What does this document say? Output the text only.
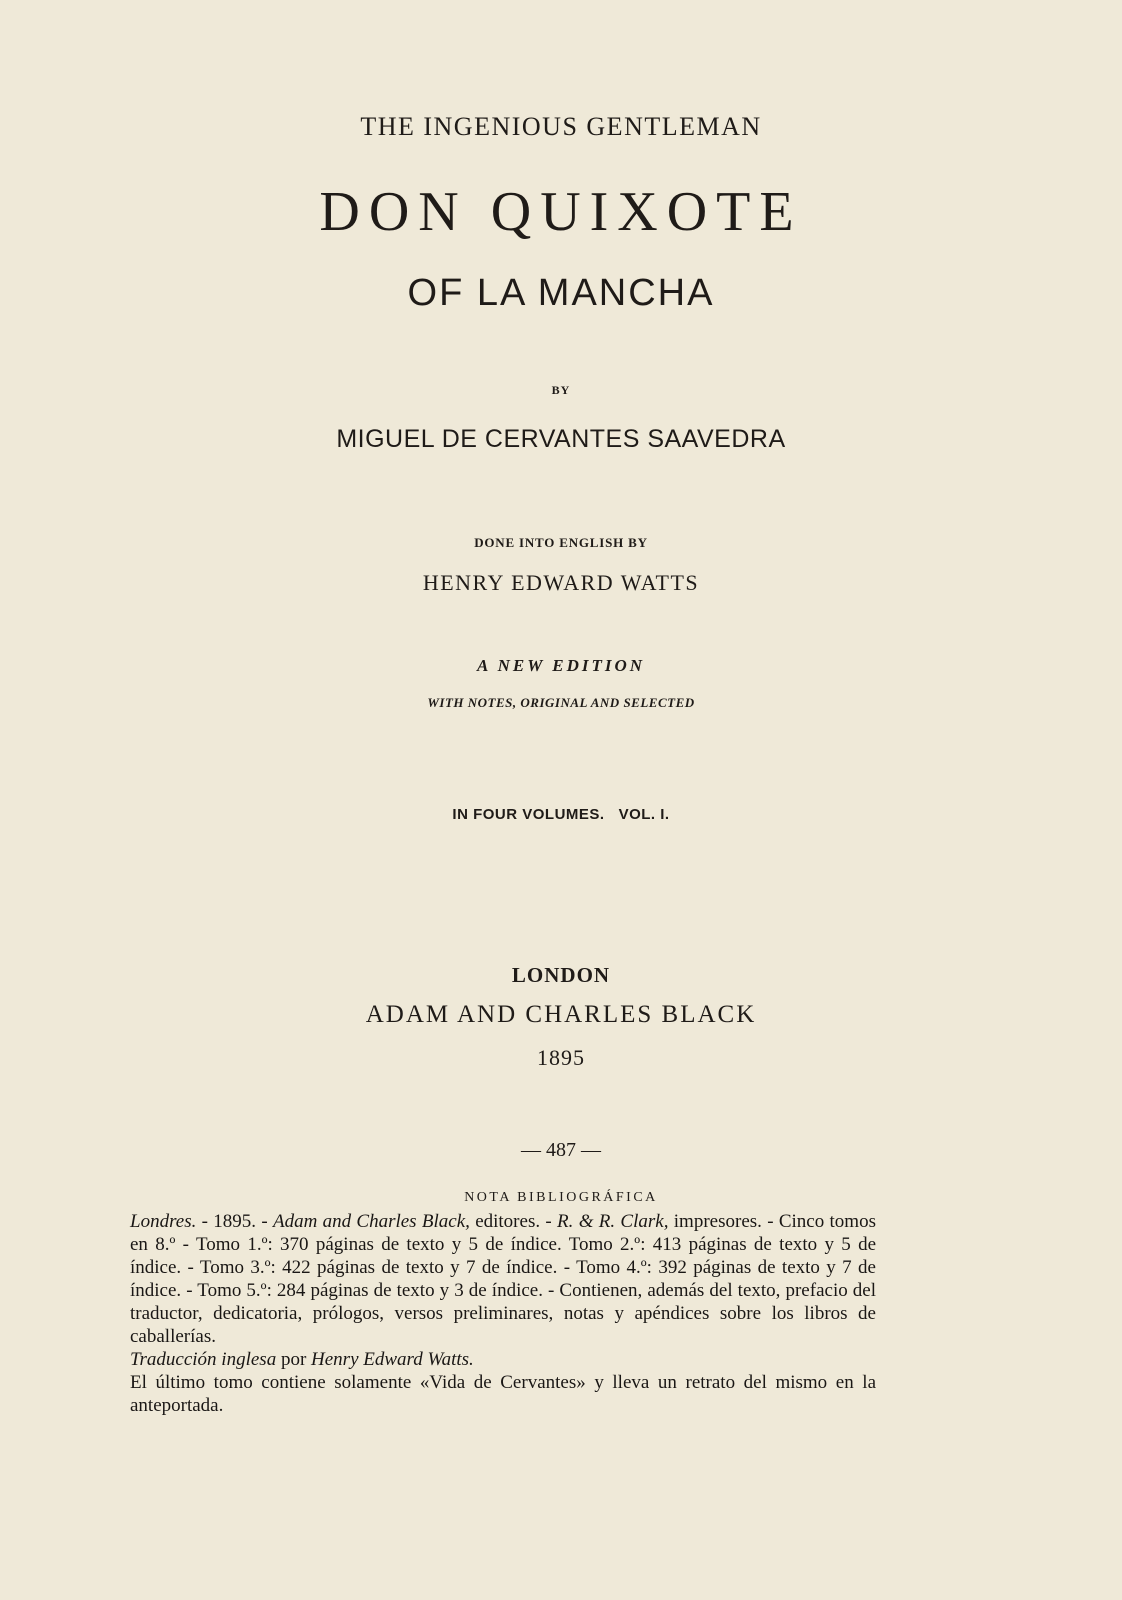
THE INGENIOUS GENTLEMAN
DON QUIXOTE
OF LA MANCHA
BY
MIGUEL DE CERVANTES SAAVEDRA
DONE INTO ENGLISH BY
HENRY EDWARD WATTS
A NEW EDITION
WITH NOTES, ORIGINAL AND SELECTED
IN FOUR VOLUMES.   VOL. I.
LONDON
ADAM AND CHARLES BLACK
1895
— 487 —
NOTA BIBLIOGRÁFICA

Londres. - 1895. - Adam and Charles Black, editores. - R. & R. Clark, impresores. - Cinco tomos en 8.º - Tomo 1.º: 370 páginas de texto y 5 de índice. Tomo 2.º: 413 páginas de texto y 5 de índice. - Tomo 3.º: 422 páginas de texto y 7 de índice. - Tomo 4.º: 392 páginas de texto y 7 de índice. - Tomo 5.º: 284 páginas de texto y 3 de índice. - Contienen, además del texto, prefacio del traductor, dedicatoria, prólogos, versos preliminares, notas y apéndices sobre los libros de caballerías.

Traducción inglesa por Henry Edward Watts.

El último tomo contiene solamente «Vida de Cervantes» y lleva un retrato del mismo en la anteportada.
